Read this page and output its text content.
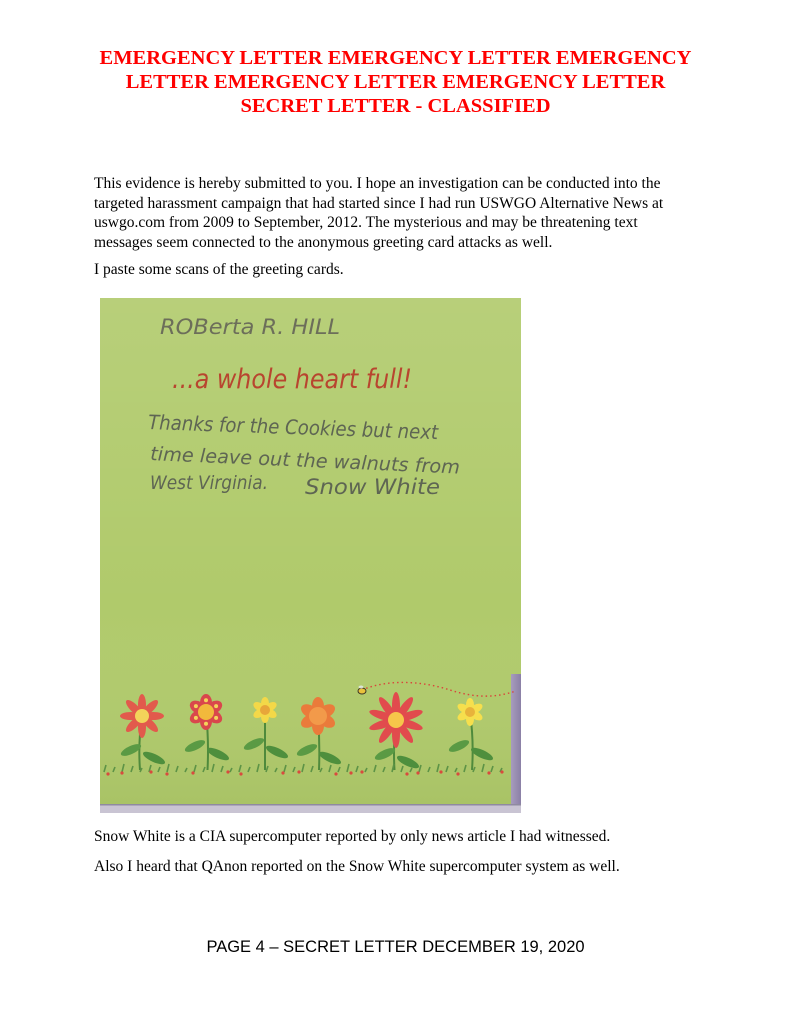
EMERGENCY LETTER EMERGENCY LETTER EMERGENCY
LETTER EMERGENCY LETTER EMERGENCY LETTER
SECRET LETTER - CLASSIFIED
This evidence is hereby submitted to you. I hope an investigation can be conducted into the
targeted harassment campaign that had started since I had run USWGO Alternative News at
uswgo.com from 2009 to September, 2012. The mysterious and may be threatening text
messages seem connected to the anonymous greeting card attacks as well.
I paste some scans of the greeting cards.
ROBerta R. HILL
...a whole heart full!
Thanks for the Cookies but next
time leave out the walnuts from
West Virginia. Snow White
Snow White is a CIA supercomputer reported by only news article I had witnessed.
Also I heard that QAnon reported on the Snow White supercomputer system as well.
PAGE 4 – SECRET LETTER DECEMBER 19, 2020
